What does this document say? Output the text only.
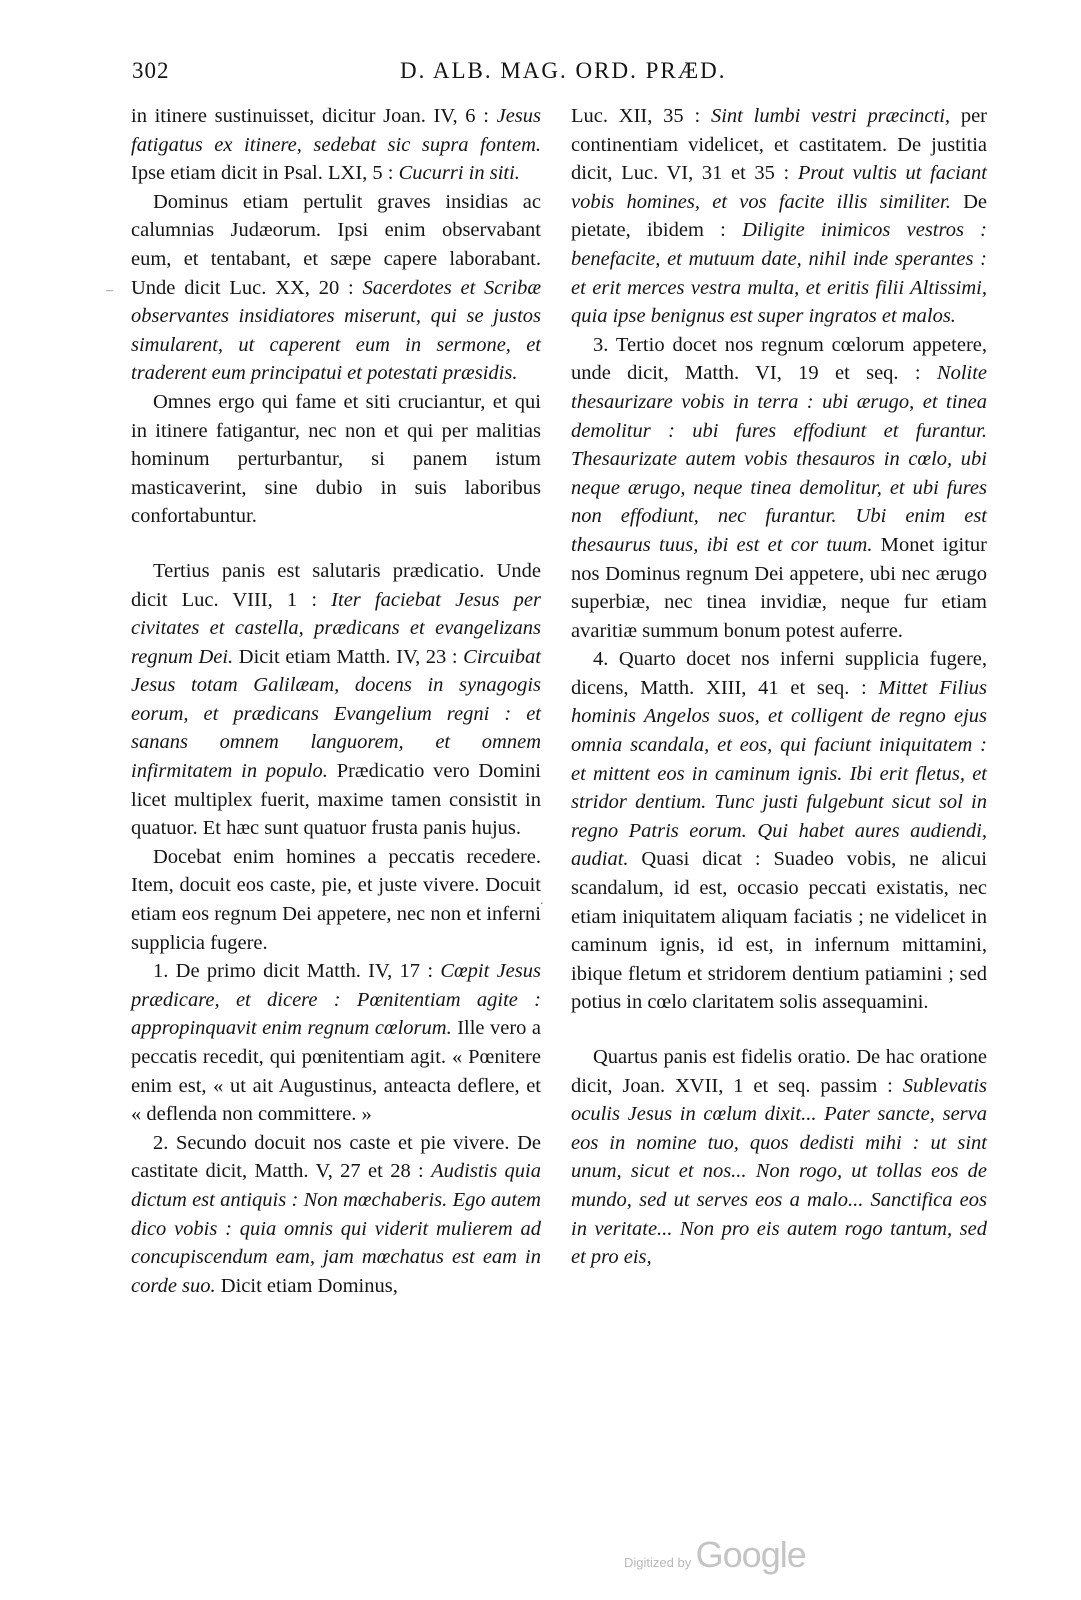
302	D. ALB. MAG. ORD. PRÆD.

in itinere sustinuisset, dicitur Joan. IV, 6 : Jesus fatigatus ex itinere, sedebat sic supra fontem. Ipse etiam dicit in Psal. LXI, 5 : Cucurri in siti.

Dominus etiam pertulit graves insidias ac calumnias Judæorum. Ipsi enim observabant eum, et tentabant, et sæpe capere laborabant. Unde dicit Luc. XX, 20 : Sacerdotes et Scribæ observantes insidiatores miserunt, qui se justos simularent, ut caperent eum in sermone, et traderent eum principatui et potestati præsidis.

Omnes ergo qui fame et siti cruciantur, et qui in itinere fatigantur, nec non et qui per malitias hominum perturbantur, si panem istum masticaverint, sine dubio in suis laboribus confortabuntur.

Tertius panis est salutaris prædicatio. Unde dicit Luc. VIII, 1 : Iter faciebat Jesus per civitates et castella, prædicans et evangelizans regnum Dei. Dicit etiam Matth. IV, 23 : Circuibat Jesus totam Galilæam, docens in synagogis eorum, et prædicans Evangelium regni : et sanans omnem languorem, et omnem infirmitatem in populo. Prædicatio vero Domini licet multiplex fuerit, maxime tamen consistit in quatuor. Et hæc sunt quatuor frusta panis hujus.

Docebat enim homines a peccatis recedere. Item, docuit eos caste, pie, et juste vivere. Docuit etiam eos regnum Dei appetere, nec non et inferni supplicia fugere.

1. De primo dicit Matth. IV, 17 : Cœpit Jesus prædicare, et dicere : Pœnitentiam agite : appropinquavit enim regnum cœlorum. Ille vero a peccatis recedit, qui pœnitentiam agit. « Pœnitere enim est, « ut ait Augustinus, anteacta deflere, et « deflenda non committere. »

2. Secundo docuit nos caste et pie vivere. De castitate dicit, Matth. V, 27 et 28 : Audistis quia dictum est antiquis : Non mœchaberis. Ego autem dico vobis : quia omnis qui viderit mulierem ad concupiscendum eam, jam mœchatus est eam in corde suo. Dicit etiam Dominus,

Luc. XII, 35 : Sint lumbi vestri præcincti, per continentiam videlicet, et castitatem. De justitia dicit, Luc. VI, 31 et 35 : Prout vultis ut faciant vobis homines, et vos facite illis similiter. De pietate, ibidem : Diligite inimicos vestros : benefacite, et mutuum date, nihil inde sperantes : et erit merces vestra multa, et eritis filii Altissimi, quia ipse benignus est super ingratos et malos.

3. Tertio docet nos regnum cœlorum appetere, unde dicit, Matth. VI, 19 et seq. : Nolite thesaurizare vobis in terra : ubi ærugo, et tinea demolitur : ubi fures effodiunt et furantur. Thesaurizate autem vobis thesauros in cœlo, ubi neque ærugo, neque tinea demolitur, et ubi fures non effodiunt, nec furantur. Ubi enim est thesaurus tuus, ibi est et cor tuum. Monet igitur nos Dominus regnum Dei appetere, ubi nec ærugo superbiæ, nec tinea invidiæ, neque fur etiam avaritiæ summum bonum potest auferre.

4. Quarto docet nos inferni supplicia fugere, dicens, Matth. XIII, 41 et seq. : Mittet Filius hominis Angelos suos, et colligent de regno ejus omnia scandala, et eos, qui faciunt iniquitatem : et mittent eos in caminum ignis. Ibi erit fletus, et stridor dentium. Tunc justi fulgebunt sicut sol in regno Patris eorum. Qui habet aures audiendi, audiat. Quasi dicat : Suadeo vobis, ne alicui scandalum, id est, occasio peccati existatis, nec etiam iniquitatem aliquam faciatis ; ne videlicet in caminum ignis, id est, in infernum mittamini, ibique fletum et stridorem dentium patiamini ; sed potius in cœlo claritatem solis assequamini.

Quartus panis est fidelis oratio. De hac oratione dicit, Joan. XVII, 1 et seq. passim : Sublevatis oculis Jesus in cœlum dixit... Pater sancte, serva eos in nomine tuo, quos dedisti mihi : ut sint unum, sicut et nos... Non rogo, ut tollas eos de mundo, sed ut serves eos a malo... Sanctifica eos in veritate... Non pro eis autem rogo tantum, sed et pro eis,

–
.
Digitized by Google
